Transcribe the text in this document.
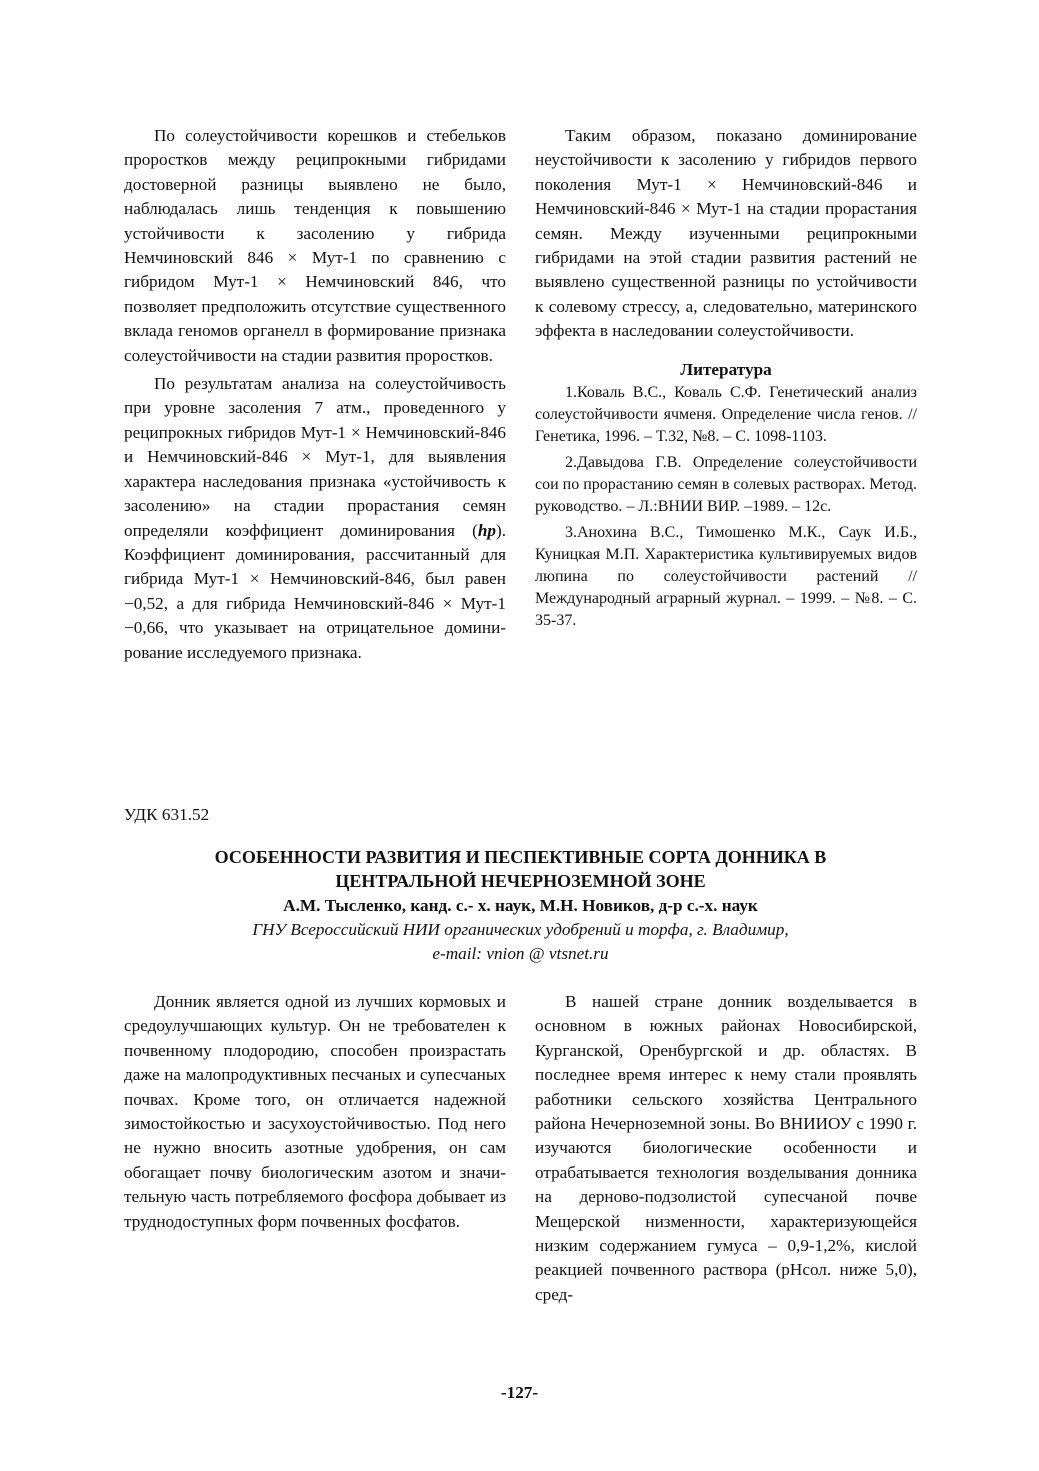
По солеустойчивости корешков и стебельков проростков между реципрокными гибридами достоверной разницы выявлено не было, наблюдалась лишь тенденция к повышению устойчивости к засолению у гибрида Немчиновский 846 × Мут-1 по сравнению с гибридом Мут-1 × Немчиновский 846, что позволяет предположить отсутствие существенного вклада геномов органелл в формирование признака солеустойчивости на стадии развития проростков.

По результатам анализа на солеустойчивость при уровне засоления 7 атм., проведенного у реципрокных гибридов Мут-1 × Немчиновский-846 и Немчиновский-846 × Мут-1, для выявления характера наследования признака «устойчивость к засолению» на стадии прорастания семян определяли коэффициент доминирования (hp). Коэффициент доминирования, рассчитанный для гибрида Мут-1 × Немчиновский-846, был равен −0,52, а для гибрида Немчиновский-846 × Мут-1 −0,66, что указывает на отрицательное доминирование исследуемого признака.

Таким образом, показано доминирование неустойчивости к засолению у гибридов первого поколения Мут-1 × Немчиновский-846 и Немчиновский-846 × Мут-1 на стадии прорастания семян. Между изученными реципрокными гибридами на этой стадии развития растений не выявлено существенной разницы по устойчивости к солевому стрессу, а, следовательно, материнского эффекта в наследовании солеустойчивости.

Литература

1.Коваль В.С., Коваль С.Ф. Генетический анализ солеустойчивости ячменя. Определение числа генов. // Генетика, 1996. – Т.32, №8. – С. 1098-1103.

2.Давыдова Г.В. Определение солеустойчивости сои по прорастанию семян в солевых растворах. Метод. руководство. – Л.:ВНИИ ВИР. –1989. – 12с.

3.Анохина В.С., Тимошенко М.К., Саук И.Б., Куницкая М.П. Характеристика культивируемых видов люпина по солеустойчивости растений // Международный аграрный журнал. – 1999. – №8. – С. 35-37.

УДК 631.52
ОСОБЕННОСТИ РАЗВИТИЯ И ПЕСПЕКТИВНЫЕ СОРТА ДОННИКА В
ЦЕНТРАЛЬНОЙ НЕЧЕРНОЗЕМНОЙ ЗОНЕ
А.М. Тысленко, канд. с.- х. наук, М.Н. Новиков, д-р с.-х. наук
ГНУ Всероссийский НИИ органических удобрений и торфа, г. Владимир,
e-mail: vnion @ vtsnet.ru

Донник является одной из лучших кормовых и средоулучшающих культур. Он не требователен к почвенному плодородию, способен произрастать даже на малопродуктивных песчаных и супесчаных почвах. Кроме того, он отличается надежной зимостойкостью и засухоустойчивостью. Под него не нужно вносить азотные удобрения, он сам обогащает почву биологическим азотом и значительную часть потребляемого фосфора добывает из труднодоступных форм почвенных фосфатов.

В нашей стране донник возделывается в основном в южных районах Новосибирской, Курганской, Оренбургской и др. областях. В последнее время интерес к нему стали проявлять работники сельского хозяйства Центрального района Нечерноземной зоны. Во ВНИИОУ с 1990 г. изучаются биологические особенности и отрабатывается технология возделывания донника на дерново-подзолистой супесчаной почве Мещерской низменности, характеризующейся низким содержанием гумуса – 0,9-1,2%, кислой реакцией почвенного раствора (рНсол. ниже 5,0), сред-

-127-
